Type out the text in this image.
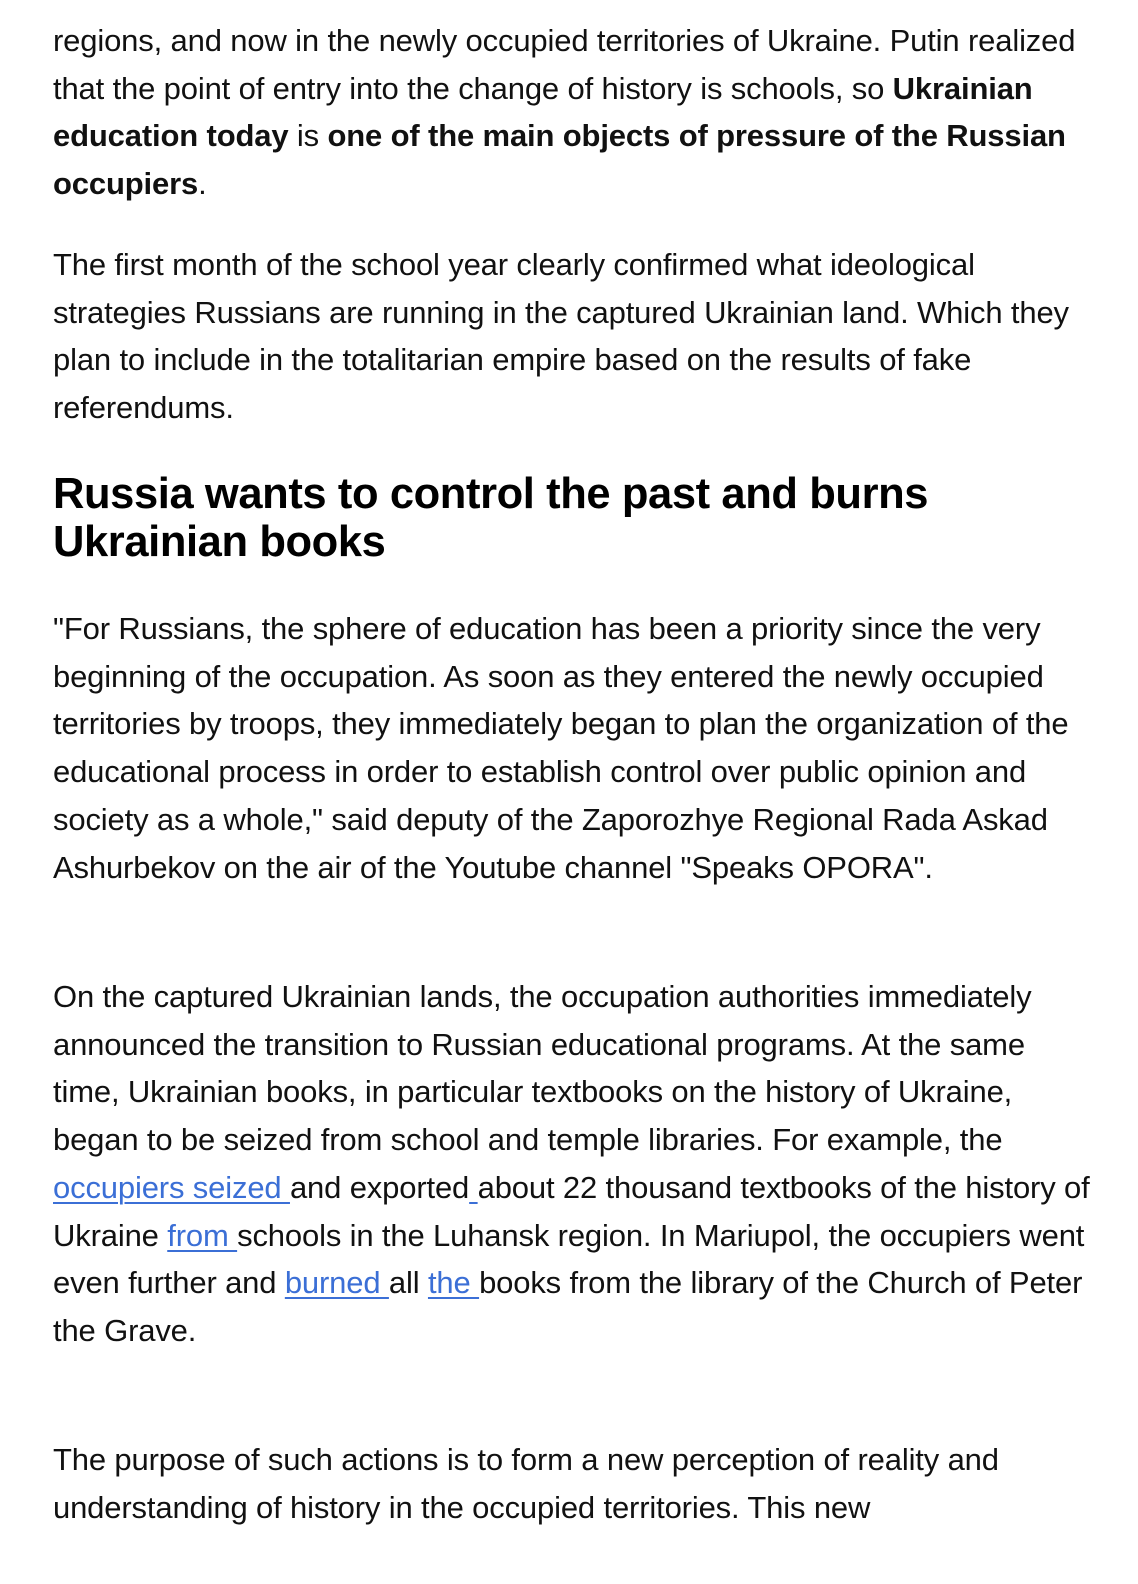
regions, and now in the newly occupied territories of Ukraine. Putin realized that the point of entry into the change of history is schools, so Ukrainian education today is one of the main objects of pressure of the Russian occupiers.

The first month of the school year clearly confirmed what ideological strategies Russians are running in the captured Ukrainian land. Which they plan to include in the totalitarian empire based on the results of fake referendums.

Russia wants to control the past and burns Ukrainian books

"For Russians, the sphere of education has been a priority since the very beginning of the occupation. As soon as they entered the newly occupied territories by troops, they immediately began to plan the organization of the educational process in order to establish control over public opinion and society as a whole," said deputy of the Zaporozhye Regional Rada Askad Ashurbekov on the air of the Youtube channel "Speaks OPORA".

On the captured Ukrainian lands, the occupation authorities immediately announced the transition to Russian educational programs. At the same time, Ukrainian books, in particular textbooks on the history of Ukraine, began to be seized from school and temple libraries. For example, the occupiers seized and exported about 22 thousand textbooks of the history of Ukraine from schools in the Luhansk region. In Mariupol, the occupiers went even further and burned all the books from the library of the Church of Peter the Grave.

The purpose of such actions is to form a new perception of reality and understanding of history in the occupied territories. This new
